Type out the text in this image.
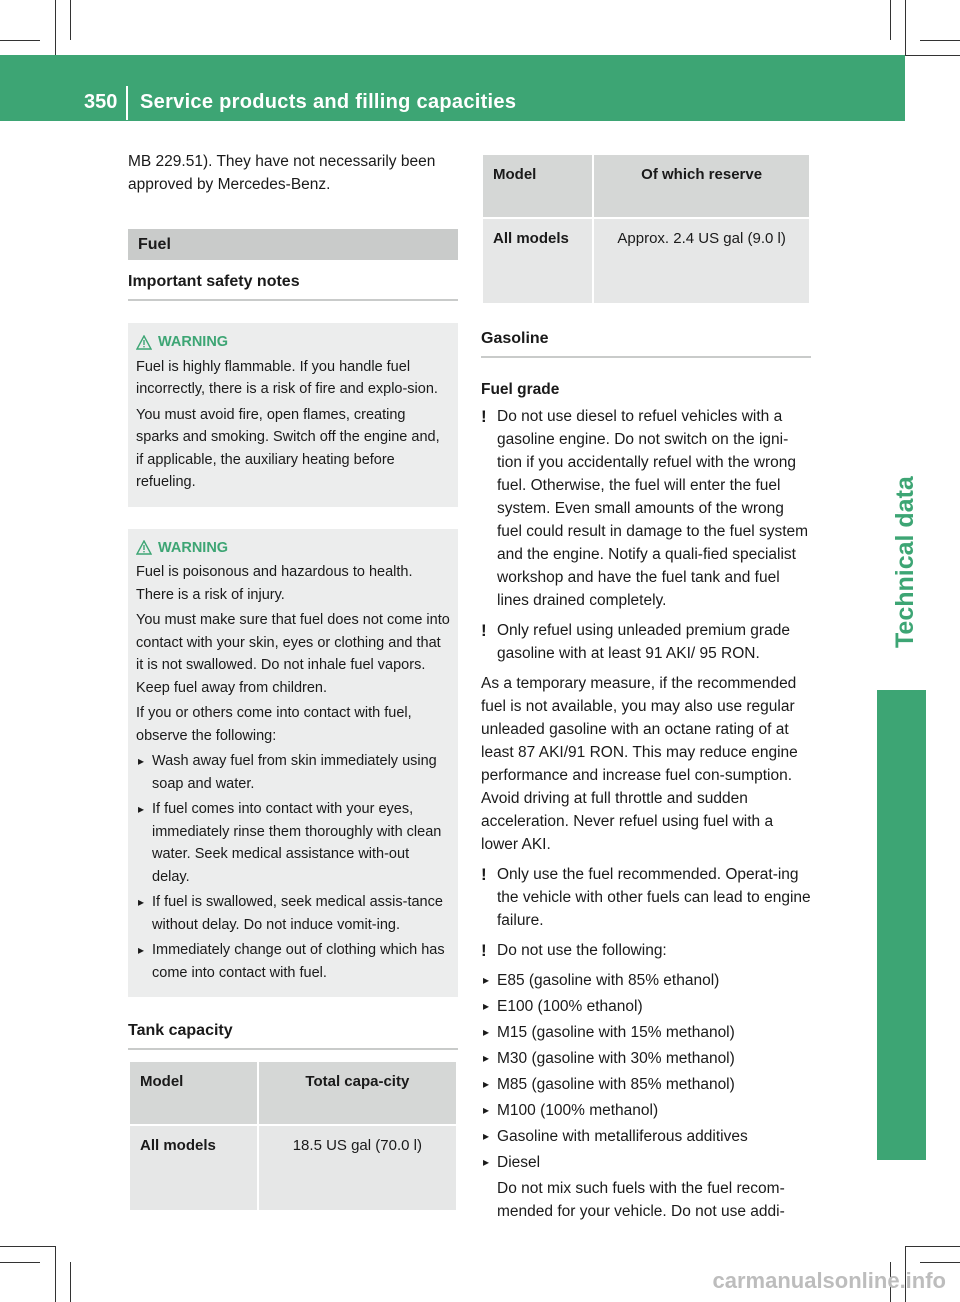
350 Service products and filling capacities
Technical data

MB 229.51). They have not necessarily been approved by Mercedes-Benz.

Fuel
Important safety notes
WARNING

Fuel is highly flammable. If you handle fuel incorrectly, there is a risk of fire and explo-sion.

You must avoid fire, open flames, creating sparks and smoking. Switch off the engine and, if applicable, the auxiliary heating before refueling.

WARNING

Fuel is poisonous and hazardous to health. There is a risk of injury.

You must make sure that fuel does not come into contact with your skin, eyes or clothing and that it is not swallowed. Do not inhale fuel vapors. Keep fuel away from children.

If you or others come into contact with fuel, observe the following:

▸ Wash away fuel from skin immediately using soap and water.
▸ If fuel comes into contact with your eyes, immediately rinse them thoroughly with clean water. Seek medical assistance with-out delay.
▸ If fuel is swallowed, seek medical assis-tance without delay. Do not induce vomit-ing.
▸ Immediately change out of clothing which has come into contact with fuel.
Tank capacity
Model	Total capa-city
All models	18.5 US gal (70.0 l)
Model	Of which reserve
All models	Approx. 2.4 US gal (9.0 l)
Gasoline
Fuel grade
! Do not use diesel to refuel vehicles with a gasoline engine. Do not switch on the igni-tion if you accidentally refuel with the wrong fuel. Otherwise, the fuel will enter the fuel system. Even small amounts of the wrong fuel could result in damage to the fuel system and the engine. Notify a quali-fied specialist workshop and have the fuel tank and fuel lines drained completely.
! Only refuel using unleaded premium grade gasoline with at least 91 AKI/ 95 RON.

As a temporary measure, if the recommended fuel is not available, you may also use regular unleaded gasoline with an octane rating of at least 87 AKI/91 RON. This may reduce engine performance and increase fuel con-sumption. Avoid driving at full throttle and sudden acceleration. Never refuel using fuel with a lower AKI.

! Only use the fuel recommended. Operat-ing the vehicle with other fuels can lead to engine failure.
! Do not use the following:
▸ E85 (gasoline with 85% ethanol)
▸ E100 (100% ethanol)
▸ M15 (gasoline with 15% methanol)
▸ M30 (gasoline with 30% methanol)
▸ M85 (gasoline with 85% methanol)
▸ M100 (100% methanol)
▸ Gasoline with metalliferous additives
▸ Diesel

Do not mix such fuels with the fuel recom-mended for your vehicle. Do not use addi-

carmanualsonline.info
